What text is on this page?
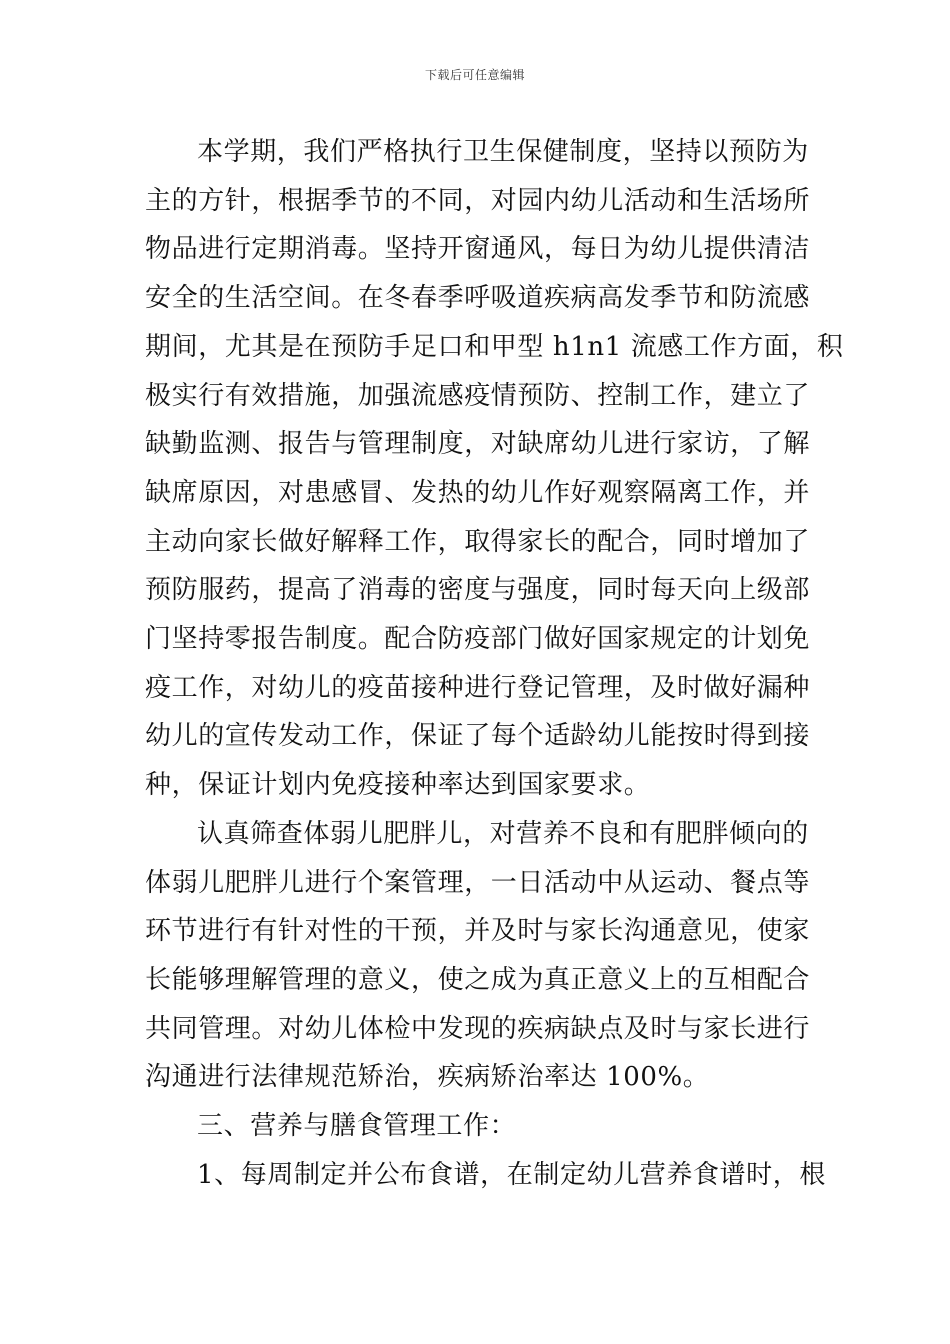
下载后可任意编辑
本学期，我们严格执行卫生保健制度，坚持以预防为
主的方针，根据季节的不同，对园内幼儿活动和生活场所
物品进行定期消毒。坚持开窗通风，每日为幼儿提供清洁
安全的生活空间。在冬春季呼吸道疾病高发季节和防流感
期间，尤其是在预防手足口和甲型 h1n1 流感工作方面，积
极实行有效措施，加强流感疫情预防、控制工作，建立了
缺勤监测、报告与管理制度，对缺席幼儿进行家访，了解
缺席原因，对患感冒、发热的幼儿作好观察隔离工作，并
主动向家长做好解释工作，取得家长的配合，同时增加了
预防服药，提高了消毒的密度与强度，同时每天向上级部
门坚持零报告制度。配合防疫部门做好国家规定的计划免
疫工作，对幼儿的疫苗接种进行登记管理，及时做好漏种
幼儿的宣传发动工作，保证了每个适龄幼儿能按时得到接
种，保证计划内免疫接种率达到国家要求。
认真筛查体弱儿肥胖儿，对营养不良和有肥胖倾向的
体弱儿肥胖儿进行个案管理，一日活动中从运动、餐点等
环节进行有针对性的干预，并及时与家长沟通意见，使家
长能够理解管理的意义，使之成为真正意义上的互相配合
共同管理。对幼儿体检中发现的疾病缺点及时与家长进行
沟通进行法律规范矫治，疾病矫治率达 100%。
三、营养与膳食管理工作：
1、每周制定并公布食谱，在制定幼儿营养食谱时，根
